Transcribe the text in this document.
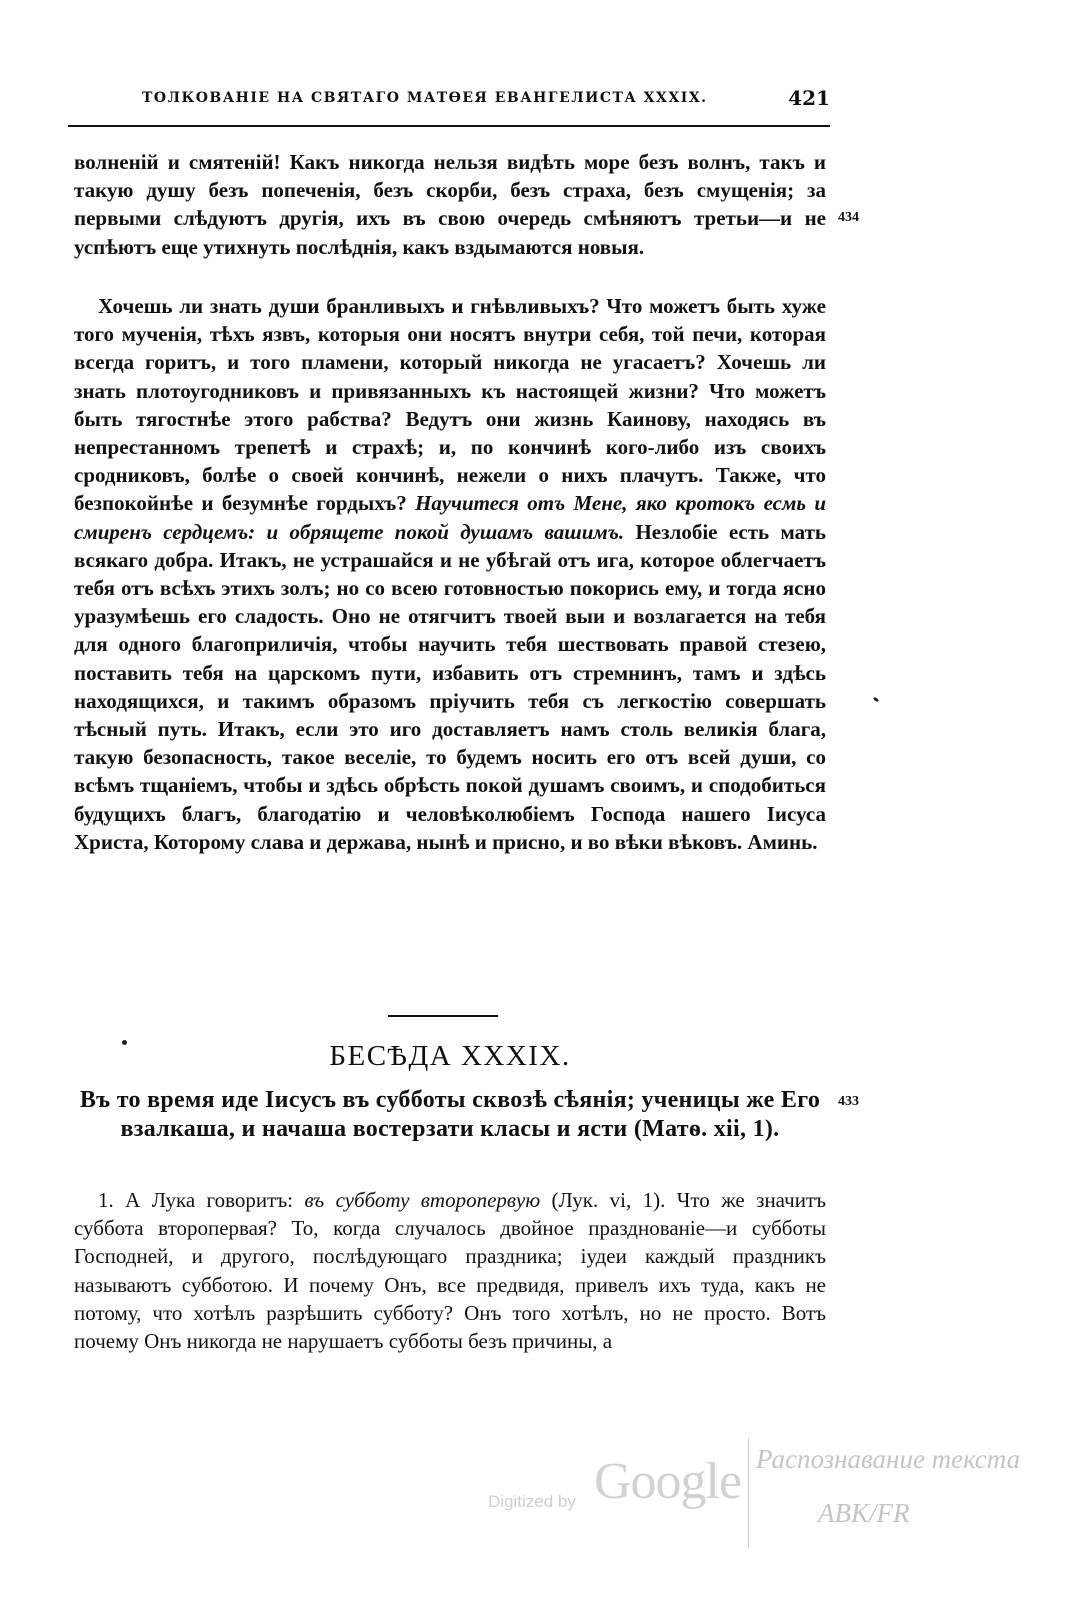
ТОЛКОВАНІЕ НА СВЯТАГО МАТѲЕЯ ЕВАНГЕЛИСТА XXXIX.	421

волненій и смятеній! Какъ никогда нельзя видѣть море безъ волнъ, такъ и такую душу безъ попеченія, безъ скорби, безъ страха, безъ смущенія; за первыми слѣдуютъ другія, ихъ въ свою очередь смѣняютъ третьи—и не успѣютъ еще утихнуть послѣднія, какъ вздымаются новыя.

434

Хочешь ли знать души бранливыхъ и гнѣвливыхъ? Что можетъ быть хуже того мученія, тѣхъ язвъ, которыя они носятъ внутри себя, той печи, которая всегда горитъ, и того пламени, который никогда не угасаетъ? Хочешь ли знать плотоугодниковъ и привязанныхъ къ настоящей жизни? Что можетъ быть тягостнѣе этого рабства? Ведутъ они жизнь Каинову, находясь въ непрестанномъ трепетѣ и страхѣ; и, по кончинѣ кого-либо изъ своихъ сродниковъ, болѣе о своей кончинѣ, нежели о нихъ плачутъ. Также, что безпокойнѣе и безумнѣе гордыхъ? Научитеся отъ Мене, яко кротокъ есмь и смиренъ сердцемъ: и обрящете покой душамъ вашимъ. Незлобіе есть мать всякаго добра. Итакъ, не устрашайся и не убѣгай отъ ига, которое облегчаетъ тебя отъ всѣхъ этихъ золъ; но со всею готовностью покорись ему, и тогда ясно уразумѣешь его сладость. Оно не отягчитъ твоей выи и возлагается на тебя для одного благоприличія, чтобы научить тебя шествовать правой стезею, поставить тебя на царскомъ пути, избавить отъ стремнинъ, тамъ и здѣсь находящихся, и такимъ образомъ пріучить тебя съ легкостію совершать тѣсный путь. Итакъ, если это иго доставляетъ намъ столь великія блага, такую безопасность, такое веселіе, то будемъ носить его отъ всей души, со всѣмъ тщаніемъ, чтобы и здѣсь обрѣсть покой душамъ своимъ, и сподобиться будущихъ благъ, благодатію и человѣколюбіемъ Господа нашего Іисуса Христа, Которому слава и держава, нынѣ и присно, и во вѣки вѣковъ. Аминь.

БЕСѢДА XXXIX.

Въ то время иде Іисусъ въ субботы сквозѣ сѣянія; ученицы же Его взалкаша, и начаша востерзати класы и ясти (Матѳ. xii, 1).

433

1. А Лука говоритъ: въ субботу второпервую (Лук. vi, 1). Что же значитъ суббота второпервая? То, когда случалось двойное празднованіе—и субботы Господней, и другого, послѣдующаго праздника; іудеи каждый праздникъ называютъ субботою. И почему Онъ, все предвидя, привелъ ихъ туда, какъ не потому, что хотѣлъ разрѣшить субботу? Онъ того хотѣлъ, но не просто. Вотъ почему Онъ никогда не нарушаетъ субботы безъ причины, а

Digitized by Google Распознавание текста
ABK/FR
